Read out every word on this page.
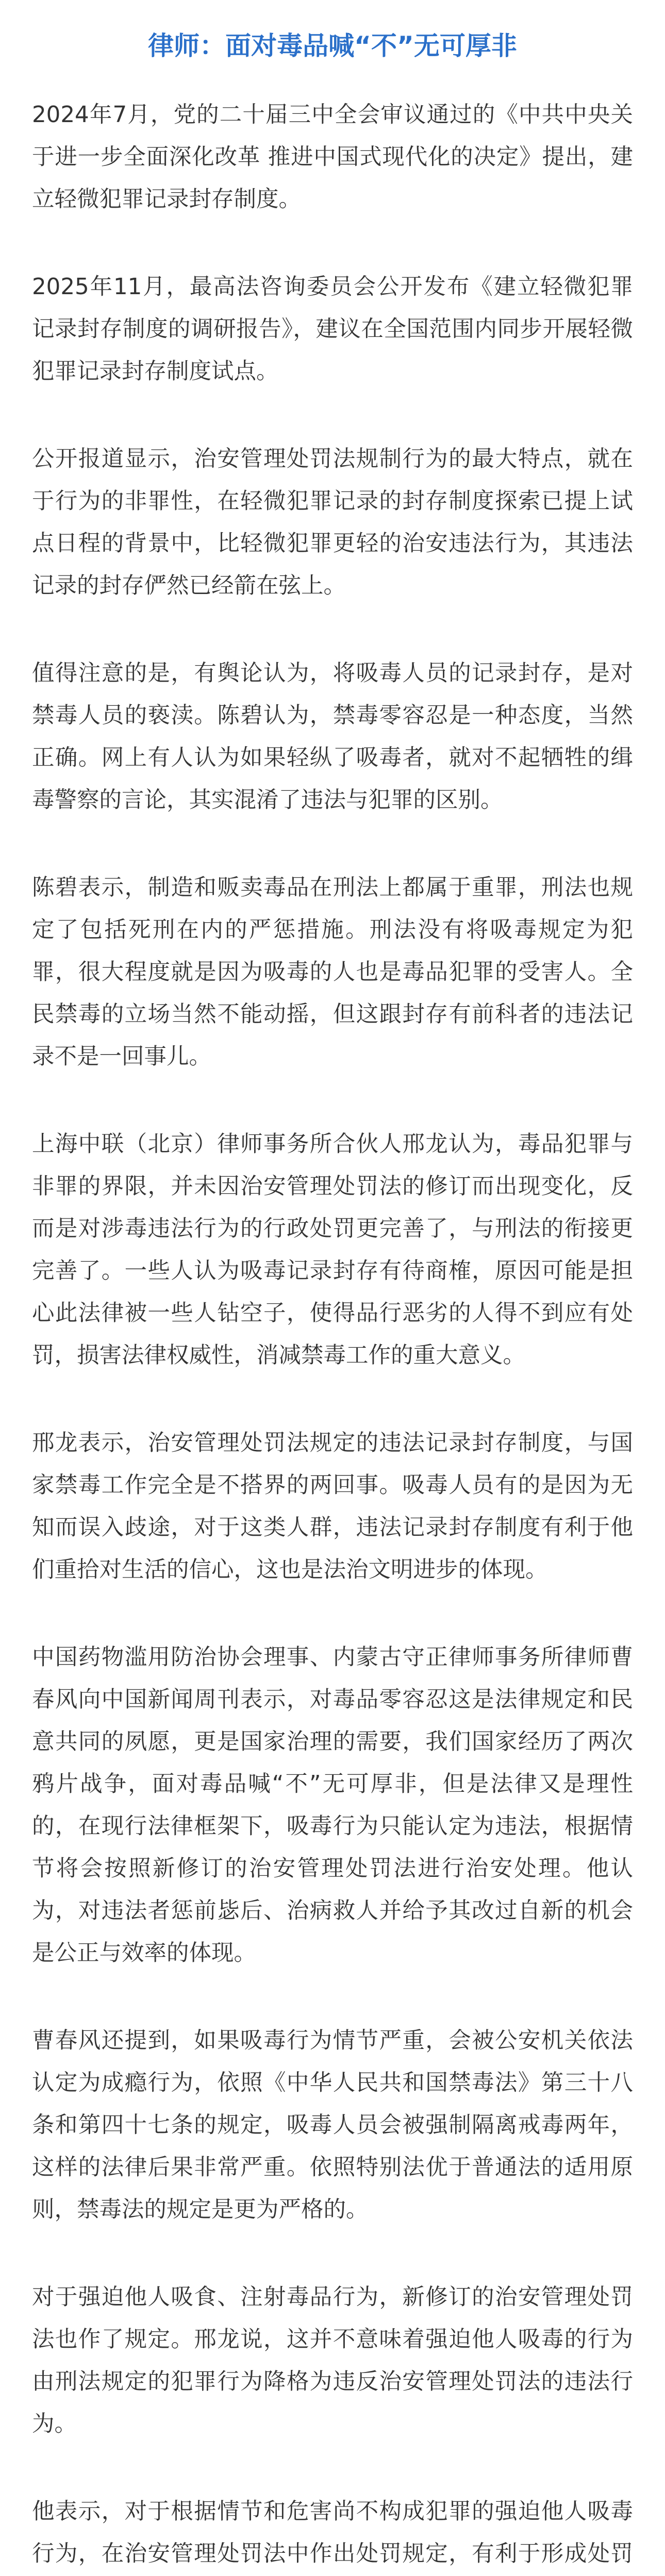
律师：面对毒品喊“不”无可厚非

2024年7月，党的二十届三中全会审议通过的《中共中央关于进一步全面深化改革 推进中国式现代化的决定》提出，建立轻微犯罪记录封存制度。

2025年11月，最高法咨询委员会公开发布《建立轻微犯罪记录封存制度的调研报告》，建议在全国范围内同步开展轻微犯罪记录封存制度试点。

公开报道显示，治安管理处罚法规制行为的最大特点，就在于行为的非罪性，在轻微犯罪记录的封存制度探索已提上试点日程的背景中，比轻微犯罪更轻的治安违法行为，其违法记录的封存俨然已经箭在弦上。

值得注意的是，有舆论认为，将吸毒人员的记录封存，是对禁毒人员的亵渎。陈碧认为，禁毒零容忍是一种态度，当然正确。网上有人认为如果轻纵了吸毒者，就对不起牺牲的缉毒警察的言论，其实混淆了违法与犯罪的区别。

陈碧表示，制造和贩卖毒品在刑法上都属于重罪，刑法也规定了包括死刑在内的严惩措施。刑法没有将吸毒规定为犯罪，很大程度就是因为吸毒的人也是毒品犯罪的受害人。全民禁毒的立场当然不能动摇，但这跟封存有前科者的违法记录不是一回事儿。

上海中联（北京）律师事务所合伙人邢龙认为，毒品犯罪与非罪的界限，并未因治安管理处罚法的修订而出现变化，反而是对涉毒违法行为的行政处罚更完善了，与刑法的衔接更完善了。一些人认为吸毒记录封存有待商榷，原因可能是担心此法律被一些人钻空子，使得品行恶劣的人得不到应有处罚，损害法律权威性，消减禁毒工作的重大意义。

邢龙表示，治安管理处罚法规定的违法记录封存制度，与国家禁毒工作完全是不搭界的两回事。吸毒人员有的是因为无知而误入歧途，对于这类人群，违法记录封存制度有利于他们重拾对生活的信心，这也是法治文明进步的体现。

中国药物滥用防治协会理事、内蒙古守正律师事务所律师曹春风向中国新闻周刊表示，对毒品零容忍这是法律规定和民意共同的夙愿，更是国家治理的需要，我们国家经历了两次鸦片战争，面对毒品喊“不”无可厚非，但是法律又是理性的，在现行法律框架下，吸毒行为只能认定为违法，根据情节将会按照新修订的治安管理处罚法进行治安处理。他认为，对违法者惩前毖后、治病救人并给予其改过自新的机会是公正与效率的体现。

曹春风还提到，如果吸毒行为情节严重，会被公安机关依法认定为成瘾行为，依照《中华人民共和国禁毒法》第三十八条和第四十七条的规定，吸毒人员会被强制隔离戒毒两年，这样的法律后果非常严重。依照特别法优于普通法的适用原则，禁毒法的规定是更为严格的。

对于强迫他人吸食、注射毒品行为，新修订的治安管理处罚法也作了规定。邢龙说，这并不意味着强迫他人吸毒的行为由刑法规定的犯罪行为降格为违反治安管理处罚法的违法行为。

他表示，对于根据情节和危害尚不构成犯罪的强迫他人吸毒行为，在治安管理处罚法中作出处罚规定，有利于形成处罚
